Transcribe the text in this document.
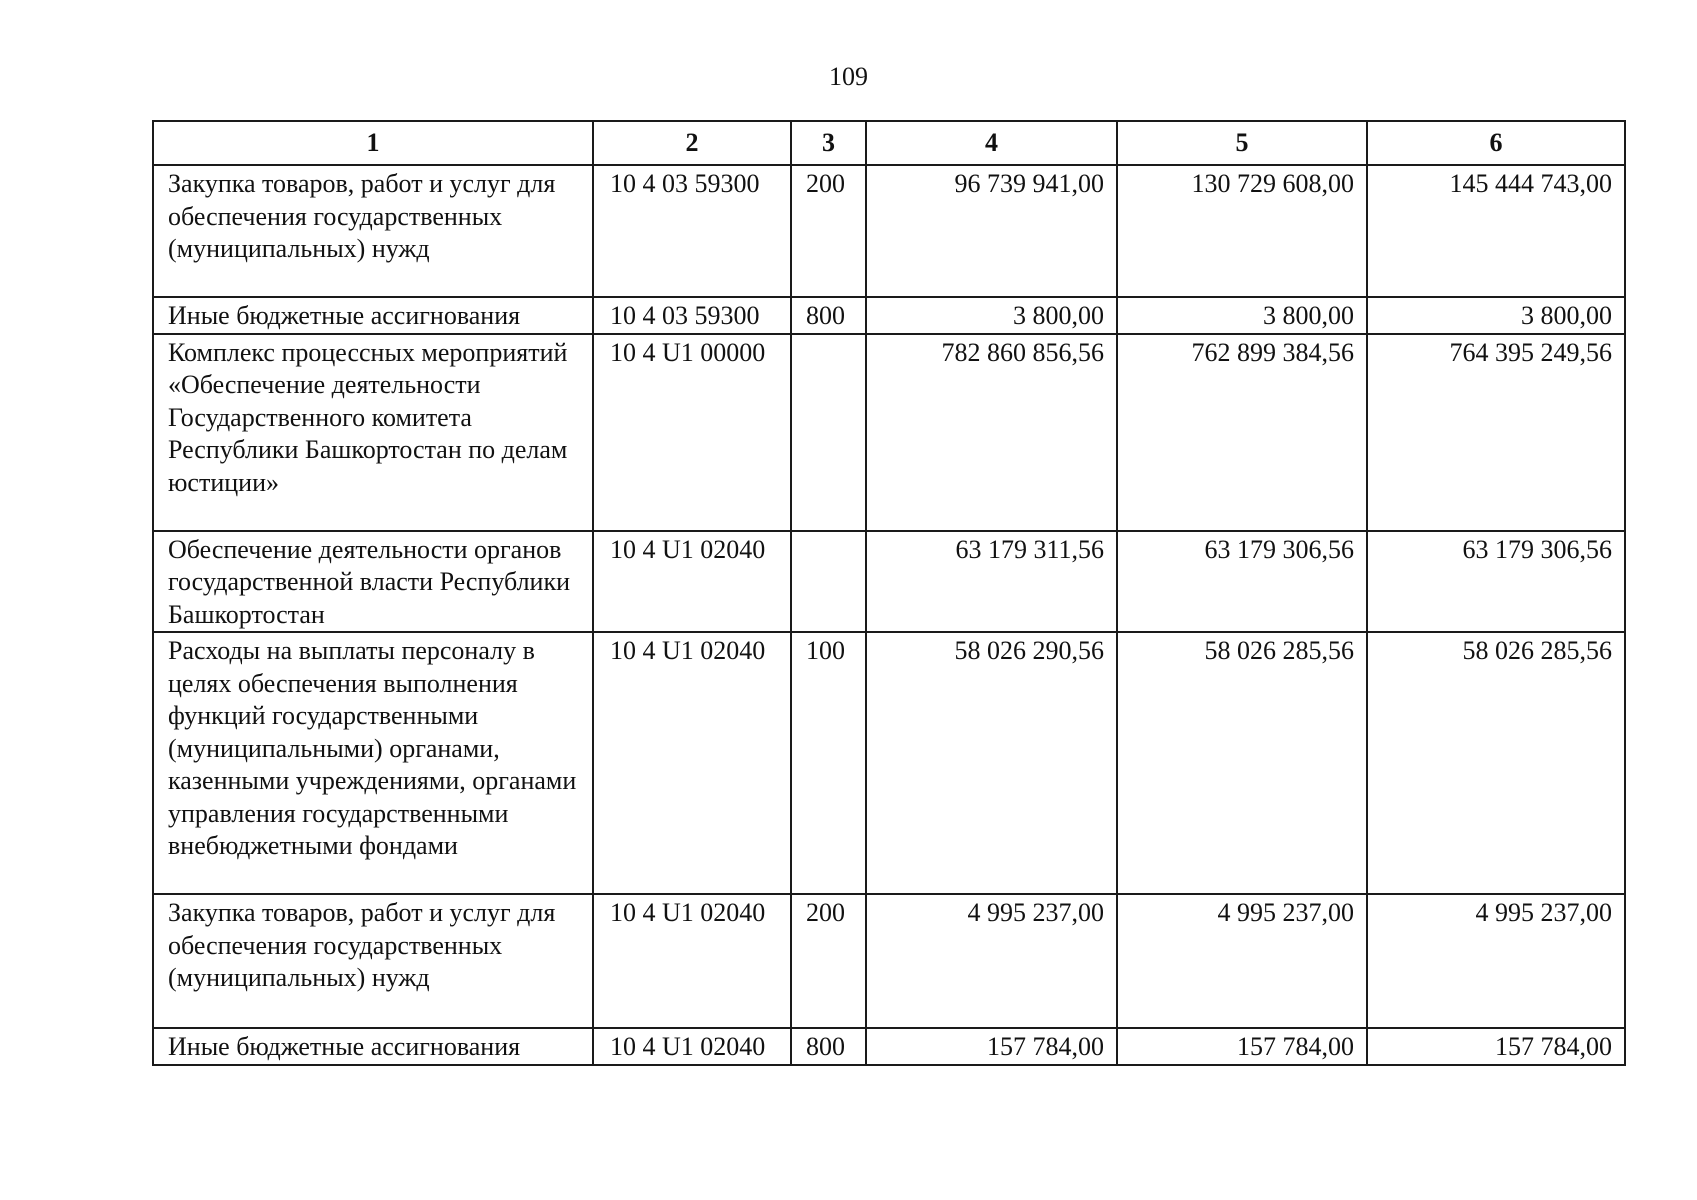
109
1	2	3	4	5	6
Закупка товаров, работ и услуг для обеспечения государственных (муниципальных) нужд	10 4 03 59300	200	96 739 941,00	130 729 608,00	145 444 743,00
Иные бюджетные ассигнования	10 4 03 59300	800	3 800,00	3 800,00	3 800,00
Комплекс процессных мероприятий «Обеспечение деятельности Государственного комитета Республики Башкортостан по делам юстиции»	10 4 U1 00000		782 860 856,56	762 899 384,56	764 395 249,56
Обеспечение деятельности органов государственной власти Республики Башкортостан	10 4 U1 02040		63 179 311,56	63 179 306,56	63 179 306,56
Расходы на выплаты персоналу в целях обеспечения выполнения функций государственными (муниципальными) органами, казенными учреждениями, органами управления государственными внебюджетными фондами	10 4 U1 02040	100	58 026 290,56	58 026 285,56	58 026 285,56
Закупка товаров, работ и услуг для обеспечения государственных (муниципальных) нужд	10 4 U1 02040	200	4 995 237,00	4 995 237,00	4 995 237,00
Иные бюджетные ассигнования	10 4 U1 02040	800	157 784,00	157 784,00	157 784,00
